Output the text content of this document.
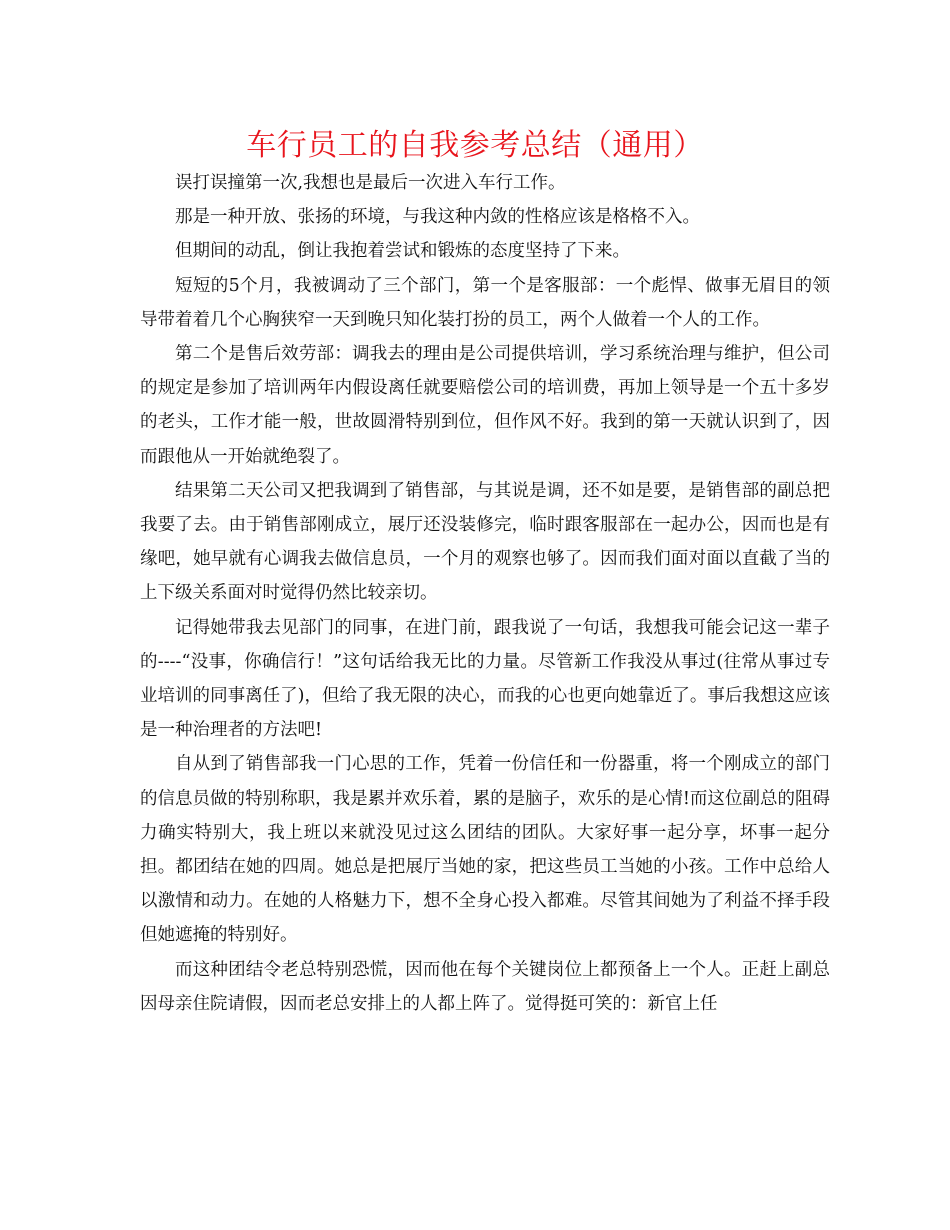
车行员工的自我参考总结（通用）

误打误撞第一次,我想也是最后一次进入车行工作。

那是一种开放、张扬的环境，与我这种内敛的性格应该是格格不入。

但期间的动乱，倒让我抱着尝试和锻炼的态度坚持了下来。

短短的5个月，我被调动了三个部门，第一个是客服部：一个彪悍、做事无眉目的领导带着着几个心胸狭窄一天到晚只知化装打扮的员工，两个人做着一个人的工作。

第二个是售后效劳部：调我去的理由是公司提供培训，学习系统治理与维护，但公司的规定是参加了培训两年内假设离任就要赔偿公司的培训费，再加上领导是一个五十多岁的老头，工作才能一般，世故圆滑特别到位，但作风不好。我到的第一天就认识到了，因而跟他从一开始就绝裂了。

结果第二天公司又把我调到了销售部，与其说是调，还不如是要，是销售部的副总把我要了去。由于销售部刚成立，展厅还没装修完，临时跟客服部在一起办公，因而也是有缘吧，她早就有心调我去做信息员，一个月的观察也够了。因而我们面对面以直截了当的上下级关系面对时觉得仍然比较亲切。

记得她带我去见部门的同事，在进门前，跟我说了一句话，我想我可能会记这一辈子的----“没事，你确信行！”这句话给我无比的力量。尽管新工作我没从事过(往常从事过专业培训的同事离任了)，但给了我无限的决心，而我的心也更向她靠近了。事后我想这应该是一种治理者的方法吧!

自从到了销售部我一门心思的工作，凭着一份信任和一份器重，将一个刚成立的部门的信息员做的特别称职，我是累并欢乐着，累的是脑子，欢乐的是心情!而这位副总的阻碍力确实特别大，我上班以来就没见过这么团结的团队。大家好事一起分享，坏事一起分担。都团结在她的四周。她总是把展厅当她的家，把这些员工当她的小孩。工作中总给人以激情和动力。在她的人格魅力下，想不全身心投入都难。尽管其间她为了利益不择手段但她遮掩的特别好。

而这种团结令老总特别恐慌，因而他在每个关键岗位上都预备上一个人。正赶上副总因母亲住院请假，因而老总安排上的人都上阵了。觉得挺可笑的：新官上任
